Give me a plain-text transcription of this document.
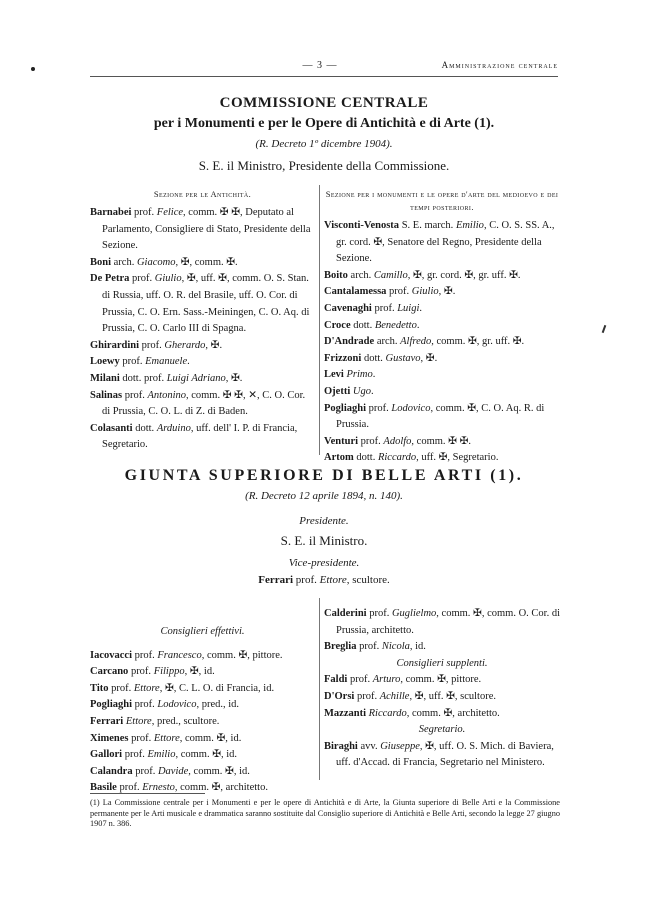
— 3 —	Amministrazione centrale
COMMISSIONE CENTRALE
per i Monumenti e per le Opere di Antichità e di Arte (1).
(R. Decreto 1º dicembre 1904).
S. E. il Ministro, Presidente della Commissione.
Sezione per le Antichità.

Barnabei prof. Felice, comm. ✠ ✠, Deputato al Parlamento, Consigliere di Stato, Presidente della Sezione.

Boni arch. Giacomo, ✠, comm. ✠.

De Petra prof. Giulio, ✠, uff. ✠, comm. O. S. Stan. di Russia, uff. O. R. del Brasile, uff. O. Cor. di Prussia, C. O. Ern. Sass.-Meiningen, C. O. Aq. di Prussia, C. O. Carlo III di Spagna.

Ghirardini prof. Gherardo, ✠.

Loewy prof. Emanuele.

Milani dott. prof. Luigi Adriano, ✠.

Salinas prof. Antonino, comm. ✠ ✠, ✕, C. O. Cor. di Prussia, C. O. L. di Z. di Baden.

Colasanti dott. Arduino, uff. dell' I. P. di Francia, Segretario.

Sezione per i monumenti e le opere d'arte del medioevo e dei tempi posteriori.

Visconti-Venosta S. E. march. Emilio, C. O. S. SS. A., gr. cord. ✠, Senatore del Regno, Presidente della Sezione.

Boito arch. Camillo, ✠, gr. cord. ✠, gr. uff. ✠.

Cantalamessa prof. Giulio, ✠.

Cavenaghi prof. Luigi.

Croce dott. Benedetto.

D'Andrade arch. Alfredo, comm. ✠, gr. uff. ✠.

Frizzoni dott. Gustavo, ✠.

Levi Primo.

Ojetti Ugo.

Pogliaghi prof. Lodovico, comm. ✠, C. O. Aq. R. di Prussia.

Venturi prof. Adolfo, comm. ✠ ✠.

Artom dott. Riccardo, uff. ✠, Segretario.

GIUNTA SUPERIORE DI BELLE ARTI (1).
(R. Decreto 12 aprile 1894, n. 140).
Presidente.
S. E. il Ministro.
Vice-presidente.
Ferrari prof. Ettore, scultore.
Consiglieri effettivi.

Iacovacci prof. Francesco, comm. ✠, pittore.

Carcano prof. Filippo, ✠, id.

Tito prof. Ettore, ✠, C. L. O. di Francia, id.

Pogliaghi prof. Lodovico, pred., id.

Ferrari Ettore, pred., scultore.

Ximenes prof. Ettore, comm. ✠, id.

Gallori prof. Emilio, comm. ✠, id.

Calandra prof. Davide, comm. ✠, id.

Basile prof. Ernesto, comm. ✠, architetto.

Calderini prof. Guglielmo, comm. ✠, comm. O. Cor. di Prussia, architetto.

Breglia prof. Nicola, id.

Consiglieri supplenti.

Faldi prof. Arturo, comm. ✠, pittore.

D'Orsi prof. Achille, ✠, uff. ✠, scultore.

Mazzanti Riccardo, comm. ✠, architetto.

Segretario.

Biraghi avv. Giuseppe, ✠, uff. O. S. Mich. di Baviera, uff. d'Accad. di Francia, Segretario nel Ministero.

(1) La Commissione centrale per i Monumenti e per le opere di Antichità e di Arte, la Giunta superiore di Belle Arti e la Commissione permanente per le Arti musicale e drammatica saranno sostituite dal Consiglio superiore di Antichità e Belle Arti, secondo la legge 27 giugno 1907 n. 386.
